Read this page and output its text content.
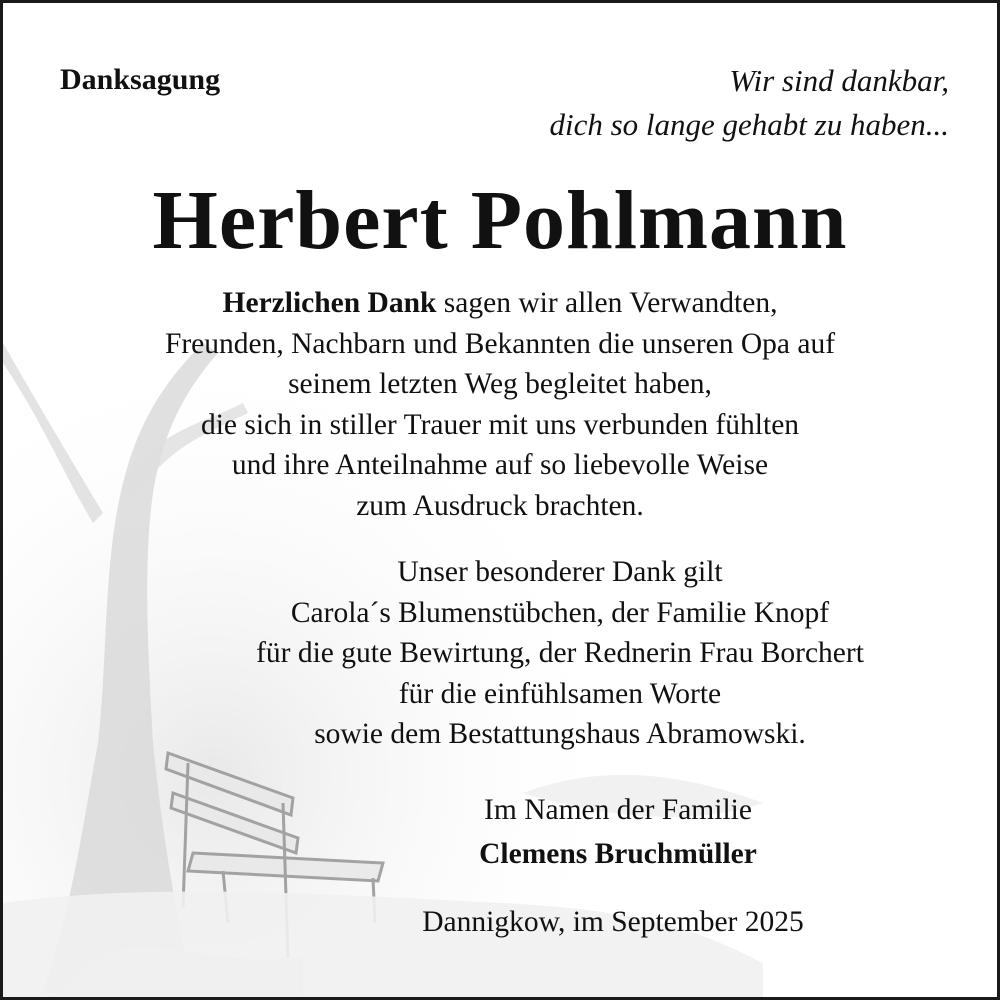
Danksagung	Wir sind dankbar,
dich so lange gehabt zu haben...
Herbert Pohlmann
Herzlichen Dank sagen wir allen Verwandten,
Freunden, Nachbarn und Bekannten die unseren Opa auf
seinem letzten Weg begleitet haben,
die sich in stiller Trauer mit uns verbunden fühlten
und ihre Anteilnahme auf so liebevolle Weise
zum Ausdruck brachten.
Unser besonderer Dank gilt
Carola´s Blumenstübchen, der Familie Knopf
für die gute Bewirtung, der Rednerin Frau Borchert
für die einfühlsamen Worte
sowie dem Bestattungshaus Abramowski.
Im Namen der Familie
Clemens Bruchmüller
Dannigkow, im September 2025
